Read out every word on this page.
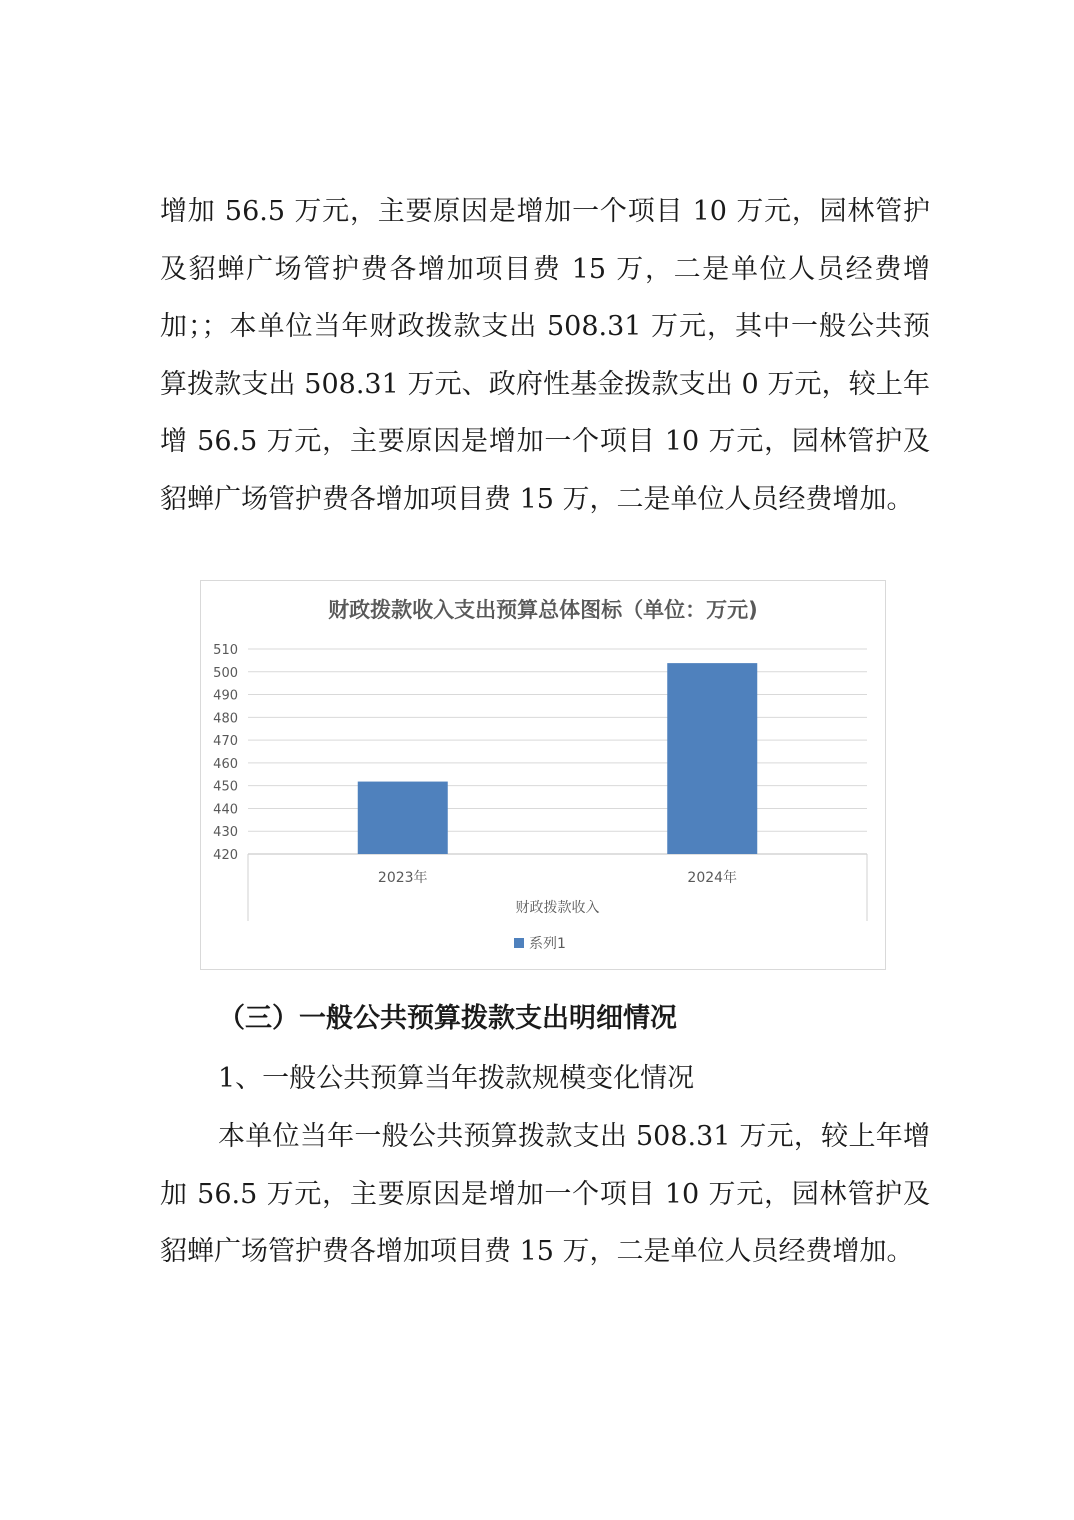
增加 56.5 万元，主要原因是增加一个项目 10 万元，园林管护及貂蝉广场管护费各增加项目费 15 万，二是单位人员经费增加；；本单位当年财政拨款支出 508.31 万元，其中一般公共预算拨款支出 508.31 万元、政府性基金拨款支出 0 万元，较上年增 56.5 万元，主要原因是增加一个项目 10 万元，园林管护及貂蝉广场管护费各增加项目费 15 万，二是单位人员经费增加。

财政拨款收入支出预算总体图标（单位：万元)
420
430
440
450
460
470
480
490
500
510
2023年	2024年
财政拨款收入
系列1

（三）一般公共预算拨款支出明细情况

1、一般公共预算当年拨款规模变化情况

本单位当年一般公共预算拨款支出 508.31 万元，较上年增加 56.5 万元，主要原因是增加一个项目 10 万元，园林管护及貂蝉广场管护费各增加项目费 15 万，二是单位人员经费增加。
